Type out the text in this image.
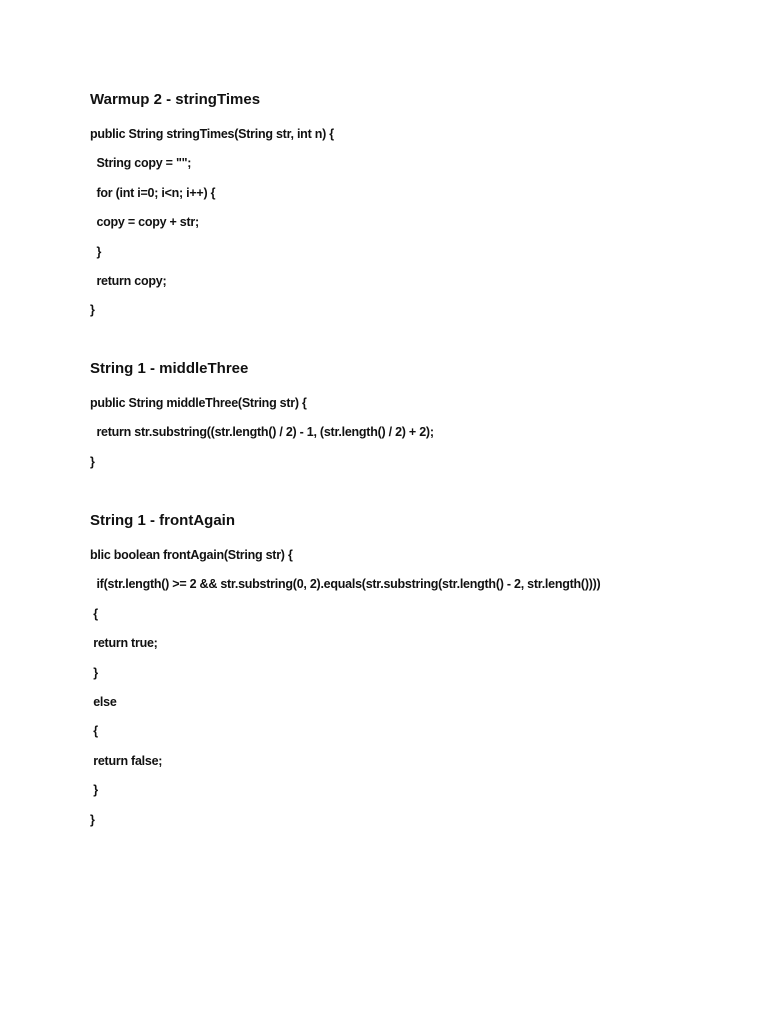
Warmup 2 - stringTimes
public String stringTimes(String str, int n) {
String copy = "";
for (int i=0; i<n; i++) {
copy = copy + str;
}
return copy;
}
String 1 - middleThree
public String middleThree(String str) {
return str.substring((str.length() / 2) - 1, (str.length() / 2) + 2);
}
String 1 - frontAgain
blic boolean frontAgain(String str) {
if(str.length() >= 2 && str.substring(0, 2).equals(str.substring(str.length() - 2, str.length())))
{
return true;
}
else
{
return false;
}
}
